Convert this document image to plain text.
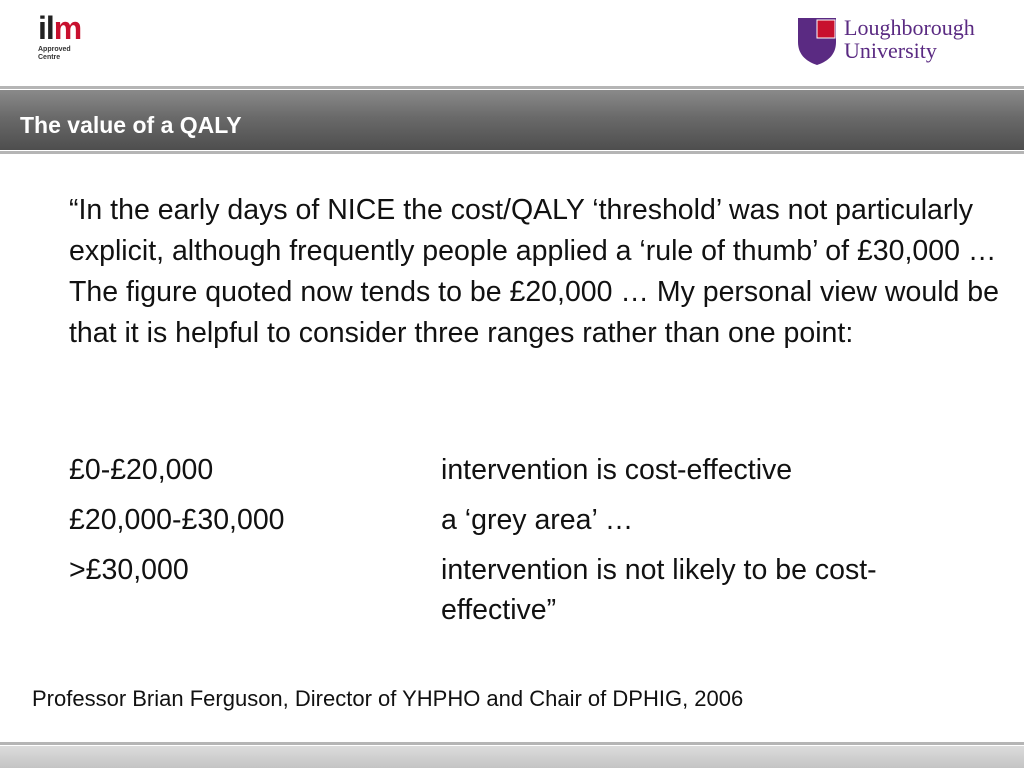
ilm
Approved
Centre
Loughborough
University
The value of a QALY
“In the early days of NICE the cost/QALY ‘threshold’ was not particularly explicit, although frequently people applied a ‘rule of thumb’ of £30,000 … The figure quoted now tends to be £20,000 … My personal view would be that it is helpful to consider three ranges rather than one point:
£0-£20,000	intervention is cost-effective
£20,000-£30,000	a ‘grey area’ …
>£30,000	intervention is not likely to be cost-effective”
Professor Brian Ferguson, Director of YHPHO and Chair of DPHIG, 2006
